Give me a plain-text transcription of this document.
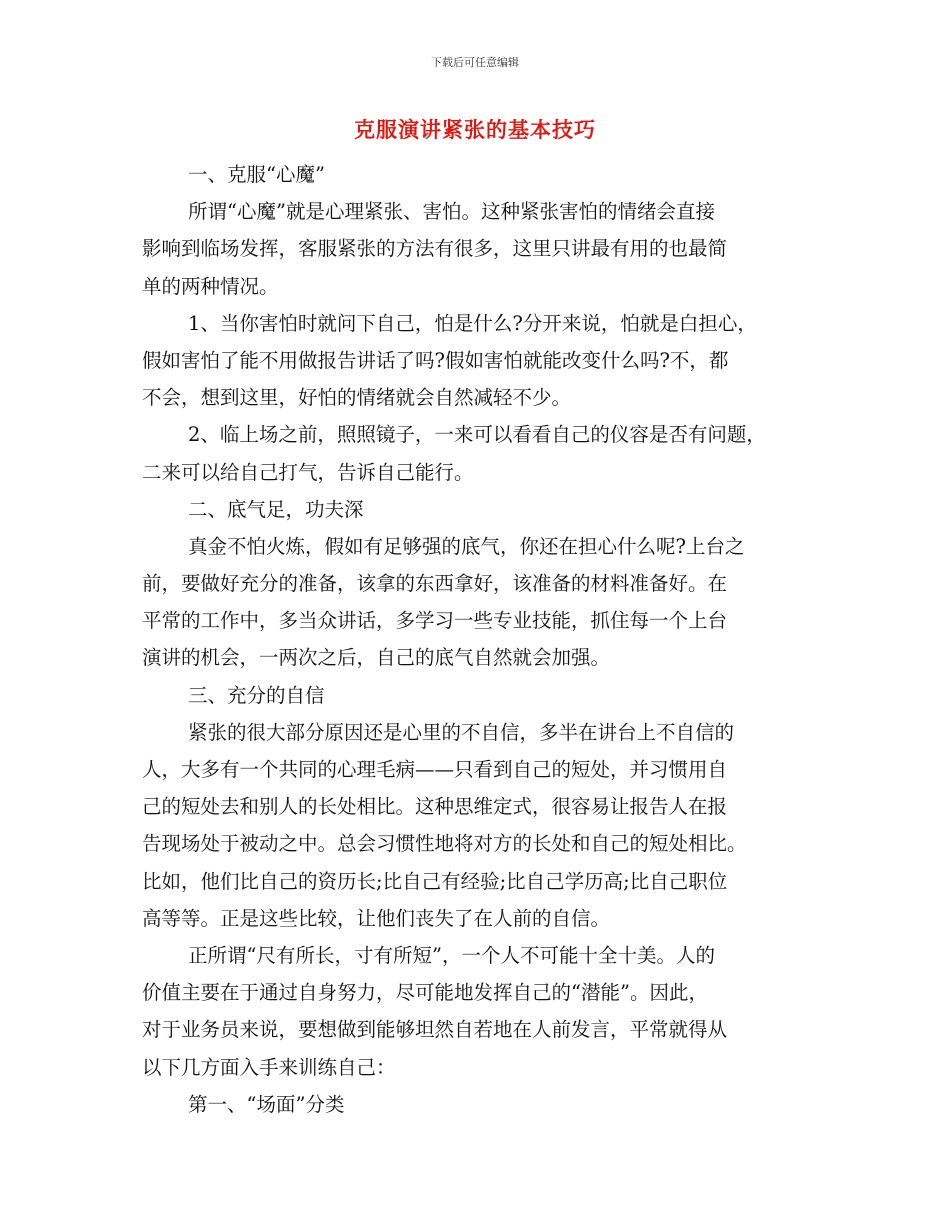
下载后可任意编辑
克服演讲紧张的基本技巧
一、克服“心魔”
所谓“心魔”就是心理紧张、害怕。这种紧张害怕的情绪会直接
影响到临场发挥，客服紧张的方法有很多，这里只讲最有用的也最简
单的两种情况。
1、当你害怕时就问下自己，怕是什么?分开来说，怕就是白担心，
假如害怕了能不用做报告讲话了吗?假如害怕就能改变什么吗?不，都
不会，想到这里，好怕的情绪就会自然减轻不少。
2、临上场之前，照照镜子，一来可以看看自己的仪容是否有问题，
二来可以给自己打气，告诉自己能行。
二、底气足，功夫深
真金不怕火炼，假如有足够强的底气，你还在担心什么呢?上台之
前，要做好充分的准备，该拿的东西拿好，该准备的材料准备好。在
平常的工作中，多当众讲话，多学习一些专业技能，抓住每一个上台
演讲的机会，一两次之后，自己的底气自然就会加强。
三、充分的自信
紧张的很大部分原因还是心里的不自信，多半在讲台上不自信的
人，大多有一个共同的心理毛病——只看到自己的短处，并习惯用自
己的短处去和别人的长处相比。这种思维定式，很容易让报告人在报
告现场处于被动之中。总会习惯性地将对方的长处和自己的短处相比。
比如，他们比自己的资历长;比自己有经验;比自己学历高;比自己职位
高等等。正是这些比较，让他们丧失了在人前的自信。
正所谓“尺有所长，寸有所短”，一个人不可能十全十美。人的
价值主要在于通过自身努力，尽可能地发挥自己的“潜能”。因此，
对于业务员来说，要想做到能够坦然自若地在人前发言，平常就得从
以下几方面入手来训练自己：
第一、“场面”分类
